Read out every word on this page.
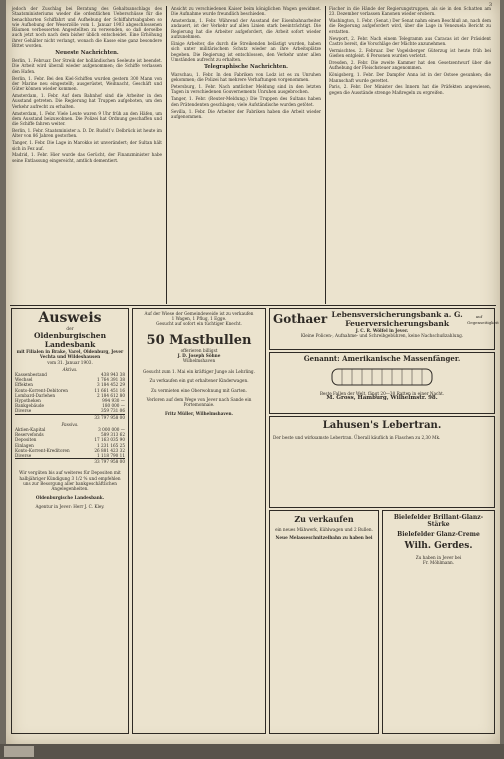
jedoch der Zuschlag bei Beratung des Gehaltsanschlags des Staatsministeriums wieder die ordentlichen Ueberschüsse für die benachbarten Schiffahrt und Aufhebung der Schiffahrtsabgaben so wie Aufhebung der Weserzölle vom 1. Januar 1903 abgeschlossenen Bäumen verbesserten Angestellten zu verwenden, so daß derselbe auch jetzt noch nach dem bisher üblich entscheidet. Eine Erhöhung ihrer Gehälter nicht verlangt, wonach die Kasse eine ganz besondere Bittet worden.

Neueste Nachrichten.

Berlin, 1. Februar. Der Streik der holländischen Seeleute ist beendet. Die Arbeit wird überall wieder aufgenommen; die Schiffe verlassen den Hafen.

Berlin, 1. Febr. Bei den Kiel-Schiffen wurden gestern 300 Mann von der Marine neu eingestellt; ausgerüstet, Weihnacht, Geschäft und Güter können wieder kommen.

Amsterdam, 1. Febr. Auf dem Bahnhof sind die Arbeiter in den Ausstand getreten. Die Regierung hat Truppen aufgeboten, um den Verkehr aufrecht zu erhalten.

Amsterdam, 1. Febr. Viele Leute waren 9 Uhr früh an den Häfen, um dem Ausstand beizuwohnen. Die Polizei hat Ordnung geschaffen und die Schiffe fahren weiter.

Berlin, 1. Febr. Staatsminister a. D. Dr. Rudolf v. Delbrück ist heute im Alter von 86 Jahren gestorben.

Tanger, 1. Febr. Die Lage in Marokko ist unverändert; der Sultan hält sich in Fez auf.

Madrid, 1. Febr. Hier wurde das Gerücht, der Finanzminister habe seine Entlassung eingereicht, amtlich dementiert.

Ansicht zu verschiedenen Kaiser beim königlichen Wagen gewidmet. Die Aufnahme wurde freundlich beschieden.

Amsterdam, 1. Febr. Während der Ausstand der Eisenbahnarbeiter andauert, ist der Verkehr auf allen Linien stark beeinträchtigt. Die Regierung hat die Arbeiter aufgefordert, die Arbeit sofort wieder aufzunehmen.

Einige Arbeiter, die durch die Streikenden belästigt wurden, haben sich unter militärischem Schutz wieder an ihre Arbeitsplätze begeben. Die Regierung ist entschlossen, den Verkehr unter allen Umständen aufrecht zu erhalten.

Telegraphische Nachrichten.

Warschau, 1. Febr. In den Fabriken von Lodz ist es zu Unruhen gekommen; die Polizei hat mehrere Verhaftungen vorgenommen.

Petersburg, 1. Febr. Nach amtlicher Meldung sind in den letzten Tagen in verschiedenen Gouvernements Unruhen ausgebrochen.

Tanger, 1. Febr. (Reuter-Meldung.) Die Truppen des Sultans haben den Prätendenten geschlagen; viele Aufständische wurden getötet.

Sevilla, 1. Febr. Die Arbeiter der Fabriken haben die Arbeit wieder aufgenommen.

Fischer in die Hände der Regierungstruppen, als sie in den Schatten am 23. Dezember verlassen Kanonen wieder erobern.

Washington, 1. Febr. (Senat.) Der Senat nahm einen Beschluß an, nach dem die Regierung aufgefordert wird, über die Lage in Venezuela Bericht zu erstatten.

Newport, 2. Febr. Nach einem Telegramm aus Caracas ist der Präsident Castro bereit, die Vorschläge der Mächte anzunehmen.

Vermischtes. 2. Februar. Der Vogelsberger Güterzug ist heute früh bei Gießen entgleist. 6 Personen wurden verletzt.

Dresden, 2. Febr. Die zweite Kammer hat den Gesetzentwurf über die Aufhebung der Fleischsteuer angenommen.

Königsberg, 1. Febr. Der Dampfer Anna ist in der Ostsee gesunken; die Mannschaft wurde gerettet.

Paris, 2. Febr. Der Minister des Innern hat die Präfekten angewiesen, gegen die Ausstände strenge Maßregeln zu ergreifen.

Ausweis
der
Oldenburgischen Landesbank
mit Filialen in Brake, Varel, Oldenburg, Jever
Vechta und Wildeshausen
vom 31. Januar 1903.
Aktiva.
Kassenbestand	438 943 38
Wechsel	1 764 391 38
Effekten	3 184 452 29
Konto-Korrent-Debitoren	11 661 451 16
Lombard-Darlehen	2 184 612 80
Hypotheken	994 930 —
Bankgebäude	180 000 —
Diverse	359 731 06
33 797 958 00
Passiva.
Aktien-Kapital	3 000 000 —
Reservefonds	589 313 62
Depositen	17 163 035 90
Einlagen	1 231 165 25
Konto-Korrent-Kreditoren	26 881 423 32
Diverse	1 118 790 11
33 797 958 00
Wir vergüten bis auf weiteres für Depositen mit halbjähriger Kündigung 3 1/2 % und empfehlen uns zur Besorgung aller bankgeschäftlichen Angelegenheiten.
Oldenburgische Landesbank.
Agentur in Jever: Herr J. C. Kley.
Auf der Wiese der Gemeindeweide ist zu verkaufen
1 Wagen, 1 Pflug, 1 Egge.
Gesucht auf sofort ein tüchtiger Knecht.
50 Mastbullen
offerieren billigst
J. D. Joseph Söhne
Wilhelmshaven
Gesucht zum 1. Mai ein kräftiger Junge als Lehrling.
Zu verkaufen ein gut erhaltener Kinderwagen.
Zu vermieten eine Oberwohnung mit Garten.
Verloren auf dem Wege von Jever nach Sande ein Portemonnaie.
Fritz Müller, Wilhelmshaven.
Gothaer Lebensversicherungsbank a. G.
Feuerversicherungsbank
auf Gegenseitigkeit
J. C. R. Wölfel in Jever.
Kleine Policen-, Aufnahme- und Schreibgebühren, keine Nachschußzahlung.
Genannt: Amerikanische Massenfänger.
Beste Fallen der Welt, fängt 20—30 Ratten in einer Nacht.
M. Gross, Hamburg, Wilhelmstr. 98.
Lahusen's Lebertran.
Der beste und wirksamste Lebertran. Überall käuflich in Flaschen zu 2,30 Mk.
Zu verkaufen
ein neues Mähwerk, Kühlwagen und 2 Bullen.
Neue Melasseschnitzelbahn zu haben bei
Bielefelder Brillant-Glanz-Stärke
Bielefelder Glanz-Creme
Wilh. Gerdes.
Zu haben in Jever bei
Fr. Möhlmann.
3
